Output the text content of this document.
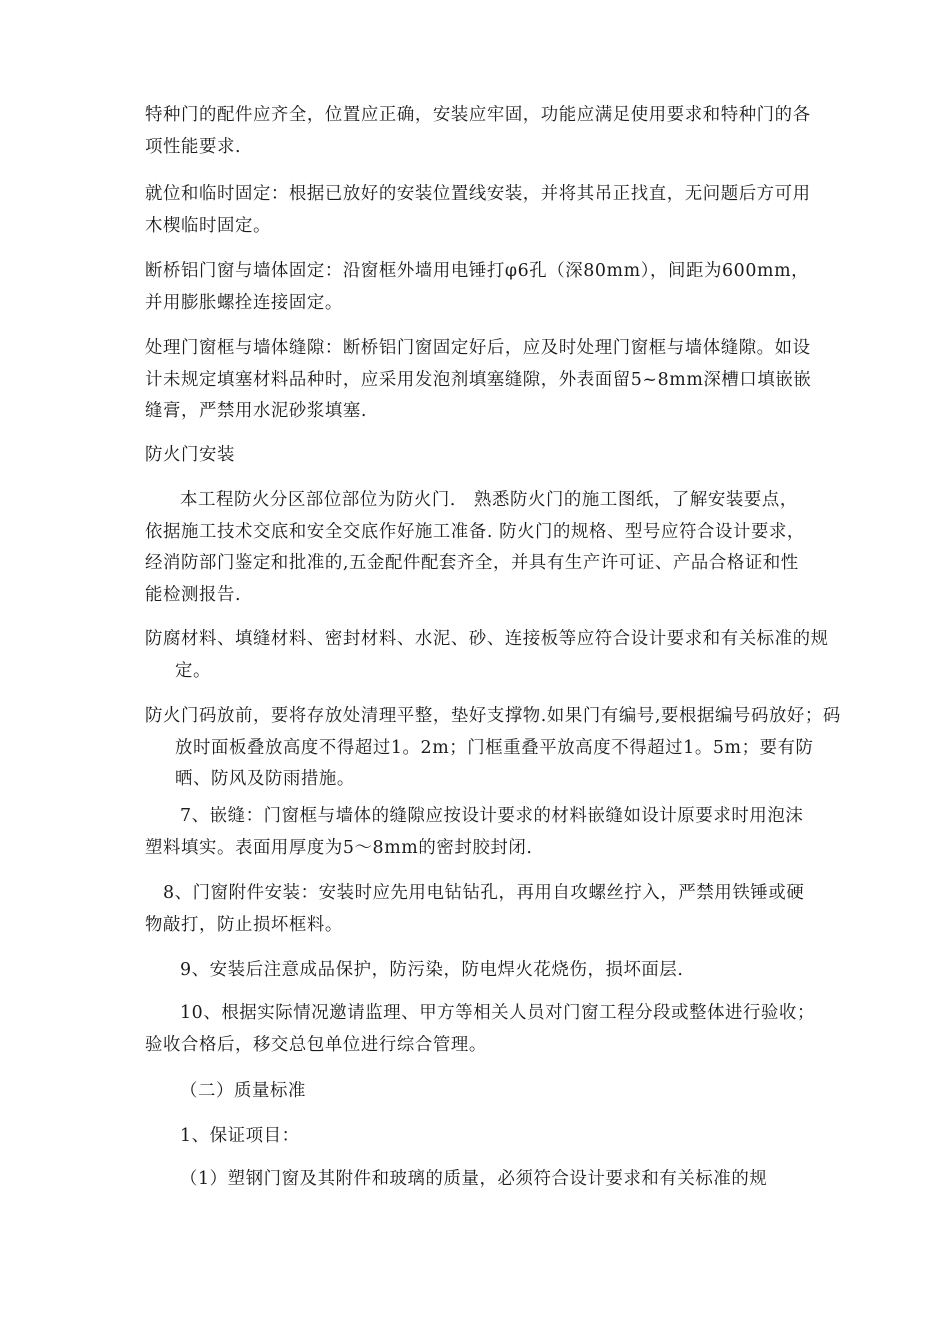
特种门的配件应齐全，位置应正确，安装应牢固，功能应满足使用要求和特种门的各项性能要求.
就位和临时固定：根据已放好的安装位置线安装，并将其吊正找直，无问题后方可用木楔临时固定。
断桥铝门窗与墙体固定：沿窗框外墙用电锤打φ6孔（深80mm），间距为600mm，并用膨胀螺拴连接固定。
处理门窗框与墙体缝隙：断桥铝门窗固定好后，应及时处理门窗框与墙体缝隙。如设计未规定填塞材料品种时，应采用发泡剂填塞缝隙，外表面留5~8mm深槽口填嵌嵌缝膏，严禁用水泥砂浆填塞.
防火门安装
本工程防火分区部位部位为防火门． 熟悉防火门的施工图纸，了解安装要点，依据施工技术交底和安全交底作好施工准备. 防火门的规格、型号应符合设计要求，经消防部门鉴定和批准的,五金配件配套齐全，并具有生产许可证、产品合格证和性能检测报告.
防腐材料、填缝材料、密封材料、水泥、砂、连接板等应符合设计要求和有关标准的规定。
防火门码放前，要将存放处清理平整，垫好支撑物.如果门有编号,要根据编号码放好；码放时面板叠放高度不得超过1。2m；门框重叠平放高度不得超过1。5m；要有防晒、防风及防雨措施。
7、嵌缝：门窗框与墙体的缝隙应按设计要求的材料嵌缝如设计原要求时用泡沫塑料填实。表面用厚度为5～8mm的密封胶封闭.
8、门窗附件安装：安装时应先用电钻钻孔，再用自攻螺丝拧入，严禁用铁锤或硬物敲打，防止损坏框料。
9、安装后注意成品保护，防污染，防电焊火花烧伤，损坏面层.
10、根据实际情况邀请监理、甲方等相关人员对门窗工程分段或整体进行验收；验收合格后，移交总包单位进行综合管理。
（二）质量标准
1、保证项目：
（1）塑钢门窗及其附件和玻璃的质量，必须符合设计要求和有关标准的规
